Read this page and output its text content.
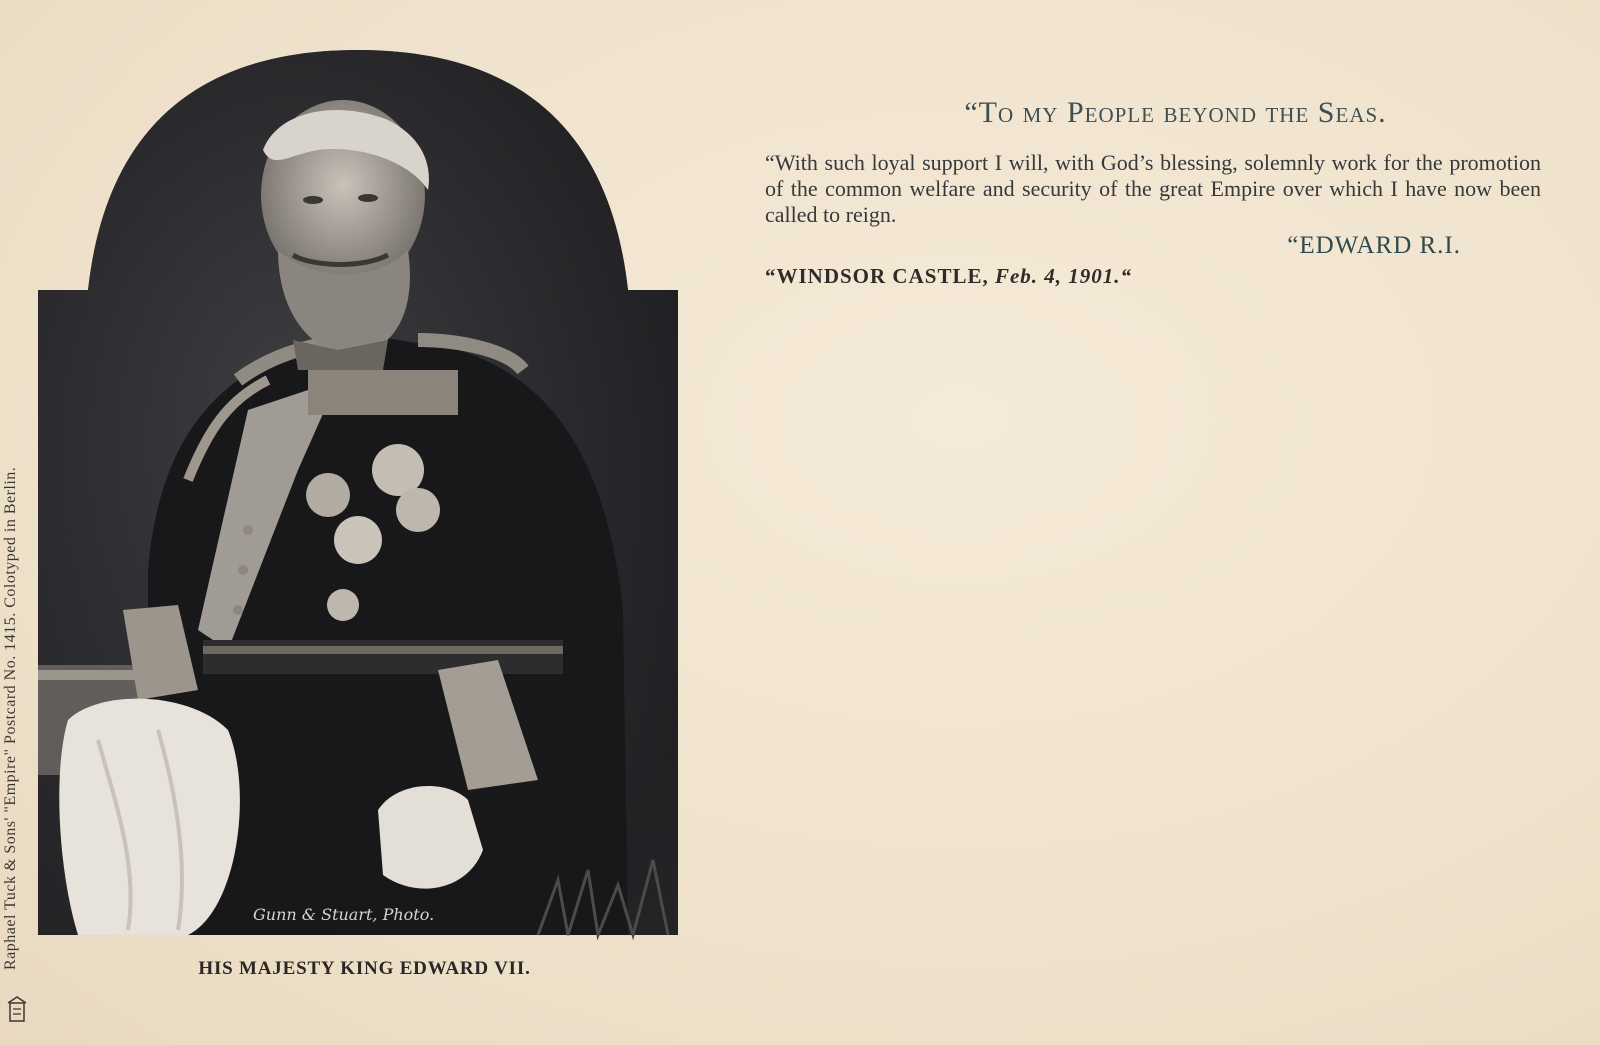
Raphael Tuck & Sons' "Empire" Postcard No. 1415. Colotyped in Berlin.	Gunn & Stuart, Photo.
HIS MAJESTY KING EDWARD VII.
“To my People beyond the Seas.

“With such loyal support I will, with God’s blessing, solemnly work for the promotion of the common welfare and security of the great Empire over which I have now been called to reign.

“EDWARD R.I.
“WINDSOR CASTLE, Feb. 4, 1901.“
